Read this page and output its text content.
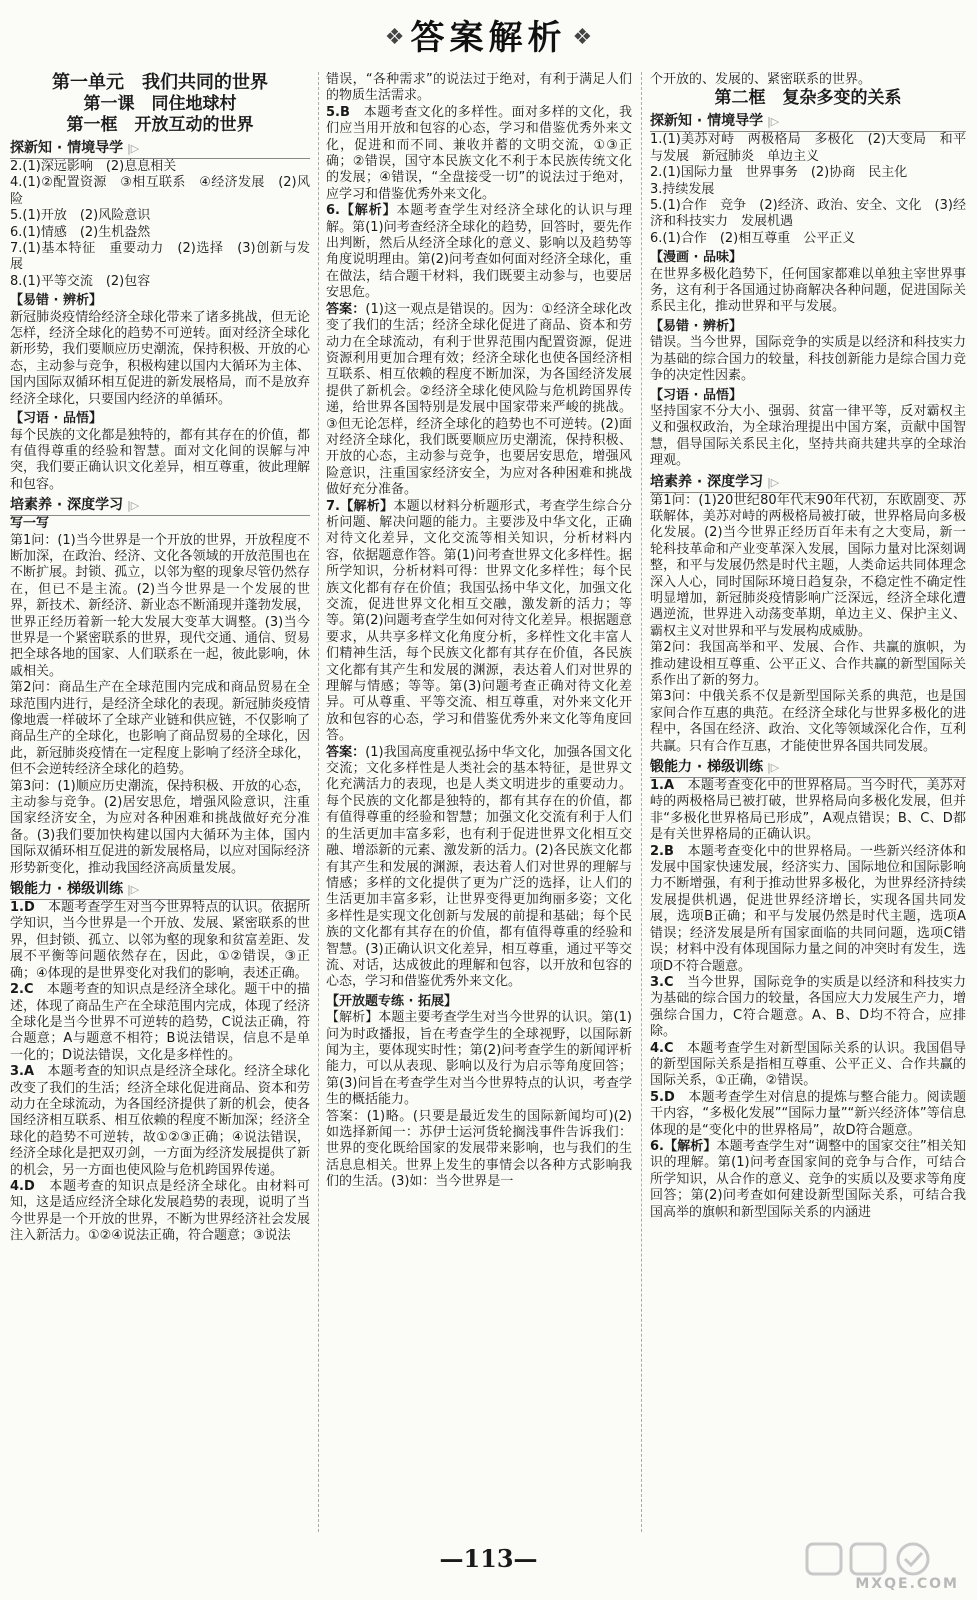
❖ 答案解析 ❖
第一单元　我们共同的世界
第一课　同住地球村
第一框　开放互动的世界
探新知 · 情境导学 |▷
2.(1)深远影响　(2)息息相关
4.(1)②配置资源　③相互联系　④经济发展　(2)风险
5.(1)开放　(2)风险意识
6.(1)情感　(2)生机盎然
7.(1)基本特征　重要动力　(2)选择　(3)创新与发展
8.(1)平等交流　(2)包容
【易错 · 辨析】
新冠肺炎疫情给经济全球化带来了诸多挑战，但无论怎样，经济全球化的趋势不可逆转。面对经济全球化新形势，我们要顺应历史潮流，保持积极、开放的心态，主动参与竞争，积极构建以国内大循环为主体、国内国际双循环相互促进的新发展格局，而不是放弃经济全球化，只要国内经济的单循环。
【习语 · 品悟】
每个民族的文化都是独特的，都有其存在的价值，都有值得尊重的经验和智慧。面对文化间的误解与冲突，我们要正确认识文化差异，相互尊重，彼此理解和包容。
培素养 · 深度学习 |▷
写一写
第1问：(1)当今世界是一个开放的世界，开放程度不断加深，在政治、经济、文化各领域的开放范围也在不断扩展。封锁、孤立，以邻为壑的现象尽管仍然存在，但已不是主流。(2)当今世界是一个发展的世界，新技术、新经济、新业态不断涌现并蓬勃发展，世界正经历着新一轮大发展大变革大调整。(3)当今世界是一个紧密联系的世界，现代交通、通信、贸易把全球各地的国家、人们联系在一起，彼此影响，休戚相关。
第2问：商品生产在全球范围内完成和商品贸易在全球范围内进行，是经济全球化的表现。新冠肺炎疫情像地震一样破坏了全球产业链和供应链，不仅影响了商品生产的全球化，也影响了商品贸易的全球化，因此，新冠肺炎疫情在一定程度上影响了经济全球化，但不会逆转经济全球化的趋势。
第3问：(1)顺应历史潮流，保持积极、开放的心态，主动参与竞争。(2)居安思危，增强风险意识，注重国家经济安全，为应对各种困难和挑战做好充分准备。(3)我们要加快构建以国内大循环为主体，国内国际双循环相互促进的新发展格局，以应对国际经济形势新变化，推动我国经济高质量发展。
锻能力 · 梯级训练 |▷
1.D　 本题考查学生对当今世界特点的认识。依据所学知识，当今世界是一个开放、发展、紧密联系的世界，但封锁、孤立、以邻为壑的现象和贫富差距、发展不平衡等问题依然存在，因此，①②错误，③正确；④体现的是世界变化对我们的影响，表述正确。
2.C　 本题考查的知识点是经济全球化。题干中的描述，体现了商品生产在全球范围内完成，体现了经济全球化是当今世界不可逆转的趋势，C说法正确，符合题意；A与题意不相符；B说法错误，信息不是单一化的；D说法错误，文化是多样性的。
3.A　 本题考查的知识点是经济全球化。经济全球化改变了我们的生活；经济全球化促进商品、资本和劳动力在全球流动，为各国经济提供了新的机会，使各国经济相互联系、相互依赖的程度不断加深；经济全球化的趋势不可逆转，故①②③正确；④说法错误，经济全球化是把双刃剑，一方面为经济发展提供了新的机会，另一方面也使风险与危机跨国界传递。
4.D　 本题考查的知识点是经济全球化。由材料可知，这是适应经济全球化发展趋势的表现，说明了当今世界是一个开放的世界，不断为世界经济社会发展注入新活力。①②④说法正确，符合题意；③说法
错误，“各种需求”的说法过于绝对，有利于满足人们的物质生活需求。
5.B　 本题考查文化的多样性。面对多样的文化，我们应当用开放和包容的心态，学习和借鉴优秀外来文化，促进和而不同、兼收并蓄的文明交流，①③正确；②错误，国守本民族文化不利于本民族传统文化的发展；④错误，“全盘接受一切”的说法过于绝对，应学习和借鉴优秀外来文化。
6.【解析】本题考查学生对经济全球化的认识与理解。第(1)问考查经济全球化的趋势，回答时，要先作出判断，然后从经济全球化的意义、影响以及趋势等角度说明理由。第(2)问考查如何面对经济全球化，重在做法，结合题干材料，我们既要主动参与，也要居安思危。
答案：(1)这一观点是错误的。因为：①经济全球化改变了我们的生活；经济全球化促进了商品、资本和劳动力在全球流动，有利于世界范围内配置资源，促进资源利用更加合理有效；经济全球化也使各国经济相互联系、相互依赖的程度不断加深，为各国经济发展提供了新机会。②经济全球化使风险与危机跨国界传递，给世界各国特别是发展中国家带来严峻的挑战。③但无论怎样，经济全球化的趋势也不可逆转。(2)面对经济全球化，我们既要顺应历史潮流，保持积极、开放的心态，主动参与竞争，也要居安思危，增强风险意识，注重国家经济安全，为应对各种困难和挑战做好充分准备。
7.【解析】本题以材料分析题形式，考查学生综合分析问题、解决问题的能力。主要涉及中华文化，正确对待文化差异，文化交流等相关知识，分析材料内容，依据题意作答。第(1)问考查世界文化多样性。据所学知识，分析材料可得：世界文化多样性；每个民族文化都有存在价值；我国弘扬中华文化，加强文化交流，促进世界文化相互交融，激发新的活力；等等。第(2)问题考查学生如何对待文化差异。根据题意要求，从共享多样文化角度分析，多样性文化丰富人们精神生活，每个民族文化都有其存在价值，各民族文化都有其产生和发展的渊源，表达着人们对世界的理解与情感；等等。第(3)问题考查正确对待文化差异。可从尊重、平等交流、相互尊重，对外来文化开放和包容的心态，学习和借鉴优秀外来文化等角度回答。
答案：(1)我国高度重视弘扬中华文化，加强各国文化交流；文化多样性是人类社会的基本特征，是世界文化充满活力的表现，也是人类文明进步的重要动力。每个民族的文化都是独特的，都有其存在的价值，都有值得尊重的经验和智慧；加强文化交流有利于人们的生活更加丰富多彩，也有利于促进世界文化相互交融、增添新的元素、激发新的活力。(2)各民族文化都有其产生和发展的渊源，表达着人们对世界的理解与情感；多样的文化提供了更为广泛的选择，让人们的生活更加丰富多彩，让世界变得更加绚丽多姿；文化多样性是实现文化创新与发展的前提和基础；每个民族的文化都有其存在的价值，都有值得尊重的经验和智慧。(3)正确认识文化差异，相互尊重，通过平等交流、对话，达成彼此的理解和包容，以开放和包容的心态，学习和借鉴优秀外来文化。
【开放题专练 · 拓展】
【解析】本题主要考查学生对当今世界的认识。第(1)问为时政播报，旨在考查学生的全球视野，以国际新闻为主，要体现实时性；第(2)问考查学生的新闻评析能力，可以从表现、影响以及行为启示等角度回答；第(3)问旨在考查学生对当今世界特点的认识，考查学生的概括能力。
答案：(1)略。(只要是最近发生的国际新闻均可)(2)如选择新闻一：苏伊士运河货轮搁浅事件告诉我们：世界的变化既给国家的发展带来影响，也与我们的生活息息相关。世界上发生的事情会以各种方式影响我们的生活。(3)如：当今世界是一
个开放的、发展的、紧密联系的世界。
第二框　复杂多变的关系
探新知 · 情境导学 |▷
1.(1)美苏对峙　两极格局　多极化　(2)大变局　和平与发展　新冠肺炎　单边主义
2.(1)国际力量　世界事务　(2)协商　民主化
3.持续发展
5.(1)合作　竞争　(2)经济、政治、安全、文化　(3)经济和科技实力　发展机遇
6.(1)合作　(2)相互尊重　公平正义
【漫画 · 品味】
在世界多极化趋势下，任何国家都难以单独主宰世界事务，这有利于各国通过协商解决各种问题，促进国际关系民主化，推动世界和平与发展。
【易错 · 辨析】
错误。当今世界，国际竞争的实质是以经济和科技实力为基础的综合国力的较量，科技创新能力是综合国力竞争的决定性因素。
【习语 · 品悟】
坚持国家不分大小、强弱、贫富一律平等，反对霸权主义和强权政治，为全球治理提出中国方案，贡献中国智慧，倡导国际关系民主化，坚持共商共建共享的全球治理观。
培素养 · 深度学习 |▷
第1问：(1)20世纪80年代末90年代初，东欧剧变、苏联解体，美苏对峙的两极格局被打破，世界格局向多极化发展。(2)当今世界正经历百年未有之大变局，新一轮科技革命和产业变革深入发展，国际力量对比深刻调整，和平与发展仍然是时代主题，人类命运共同体理念深入人心，同时国际环境日趋复杂，不稳定性不确定性明显增加，新冠肺炎疫情影响广泛深远，经济全球化遭遇逆流，世界进入动荡变革期，单边主义、保护主义、霸权主义对世界和平与发展构成威胁。
第2问：我国高举和平、发展、合作、共赢的旗帜，为推动建设相互尊重、公平正义、合作共赢的新型国际关系作出了新的努力。
第3问：中俄关系不仅是新型国际关系的典范，也是国家间合作互惠的典范。在经济全球化与世界多极化的进程中，各国在经济、政治、文化等领域深化合作，互利共赢。只有合作互惠，才能使世界各国共同发展。
锻能力 · 梯级训练 |▷
1.A　 本题考查变化中的世界格局。当今时代，美苏对峙的两极格局已被打破，世界格局向多极化发展，但并非“多极化世界格局已形成”，A观点错误；B、C、D都是有关世界格局的正确认识。
2.B　 本题考查变化中的世界格局。一些新兴经济体和发展中国家快速发展，经济实力、国际地位和国际影响力不断增强，有利于推动世界多极化，为世界经济持续发展提供机遇，促进世界经济增长，实现各国共同发展，选项B正确；和平与发展仍然是时代主题，选项A错误；经济发展是所有国家面临的共同问题，选项C错误；材料中没有体现国际力量之间的冲突时有发生，选项D不符合题意。
3.C　 当今世界，国际竞争的实质是以经济和科技实力为基础的综合国力的较量，各国应大力发展生产力，增强综合国力，C符合题意。A、B、D均不符合，应排除。
4.C　 本题考查学生对新型国际关系的认识。我国倡导的新型国际关系是指相互尊重、公平正义、合作共赢的国际关系，①正确，②错误。
5.D　 本题考查学生对信息的提炼与整合能力。阅读题干内容，“多极化发展”“国际力量”“新兴经济体”等信息体现的是“变化中的世界格局”，故D符合题意。
6.【解析】本题考查学生对“调整中的国家交往”相关知识的理解。第(1)问考查国家间的竞争与合作，可结合所学知识，从合作的意义、竞争的实质以及要求等角度回答；第(2)问考查如何建设新型国际关系，可结合我国高举的旗帜和新型国际关系的内涵进
—113—
MXQE.COM
